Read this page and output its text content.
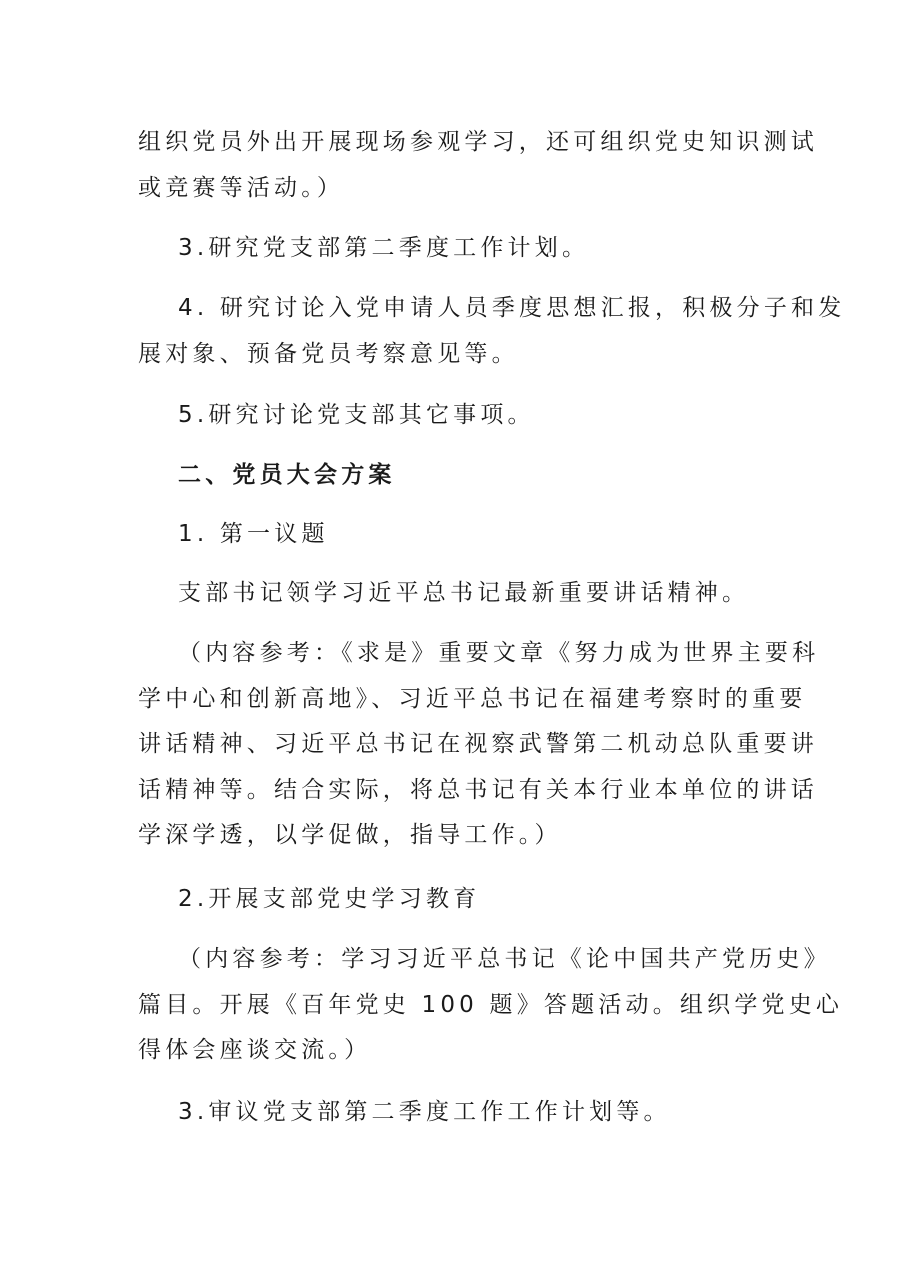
组织党员外出开展现场参观学习，还可组织党史知识测试
或竞赛等活动。）
3.研究党支部第二季度工作计划。
4. 研究讨论入党申请人员季度思想汇报，积极分子和发
展对象、预备党员考察意见等。
5.研究讨论党支部其它事项。
二、党员大会方案
1. 第一议题
支部书记领学习近平总书记最新重要讲话精神。
（内容参考：《求是》重要文章《努力成为世界主要科
学中心和创新高地》、习近平总书记在福建考察时的重要
讲话精神、习近平总书记在视察武警第二机动总队重要讲
话精神等。结合实际，将总书记有关本行业本单位的讲话
学深学透，以学促做，指导工作。）
2.开展支部党史学习教育
（内容参考：学习习近平总书记《论中国共产党历史》
篇目。开展《百年党史 100 题》答题活动。组织学党史心
得体会座谈交流。）
3.审议党支部第二季度工作工作计划等。
